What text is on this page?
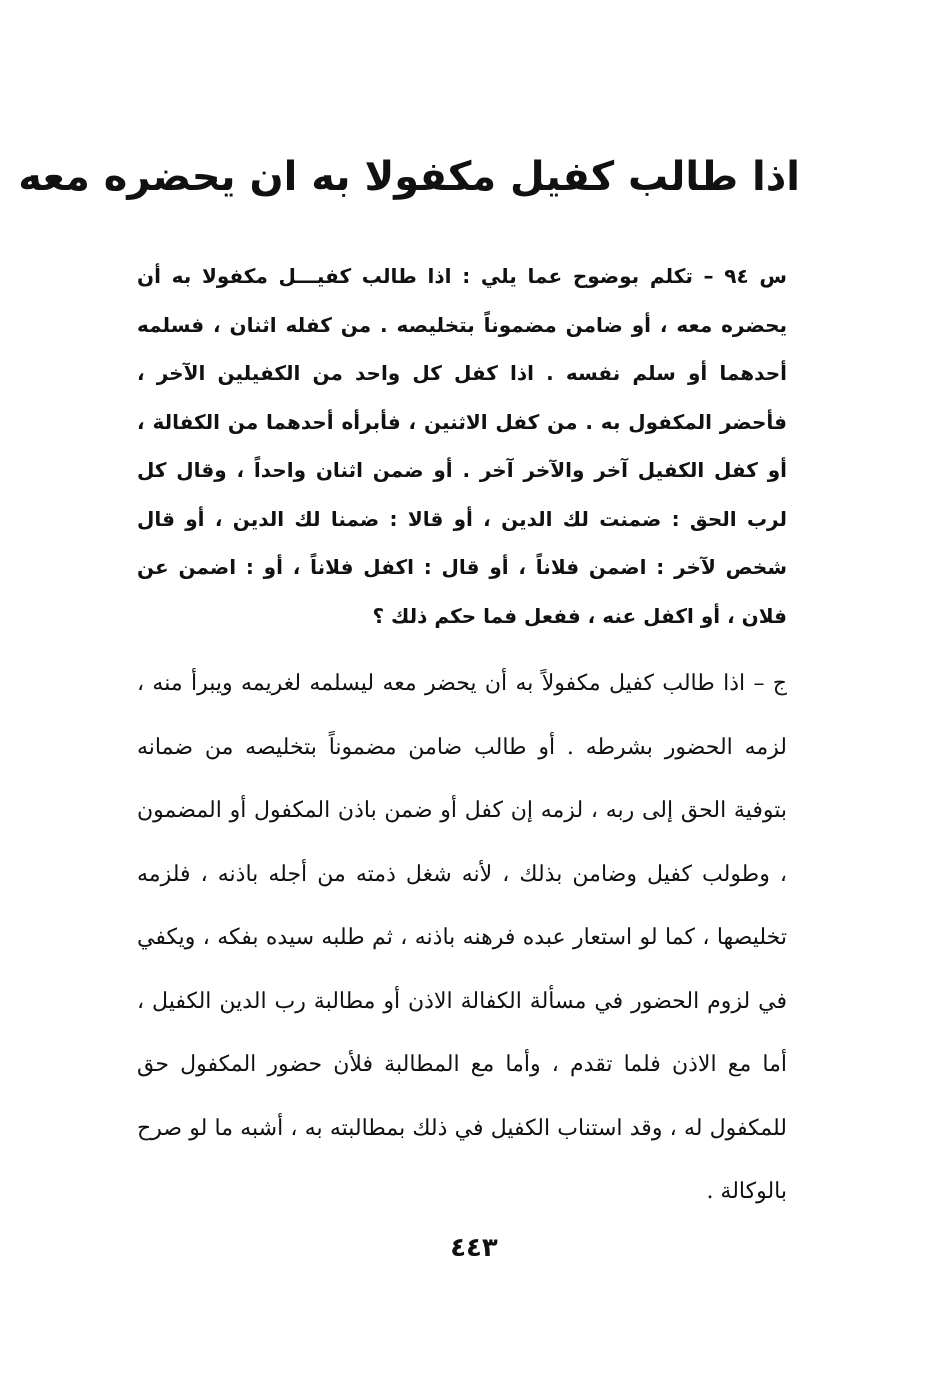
اذا طالب كفيل مكفولا به ان يحضره معه
س ٩٤ – تكلم بوضوح عما يلي : اذا طالب كفيـــل مكفولا به أن يحضره معه ، أو ضامن مضموناً بتخليصه . من كفله اثنان ، فسلمه أحدهما أو سلم نفسه . اذا كفل كل واحد من الكفيلين الآخر ، فأحضر المكفول به . من كفل الاثنين ، فأبرأه أحدهما من الكفالة ، أو كفل الكفيل آخر والآخر آخر . أو ضمن اثنان واحداً ، وقال كل لرب الحق : ضمنت لك الدين ، أو قالا : ضمنا لك الدين ، أو قال شخص لآخر : اضمن فلاناً ، أو قال : اكفل فلاناً ، أو : اضمن عن فلان ، أو اكفل عنه ، ففعل فما حكم ذلك ؟
ج – اذا طالب كفيل مكفولاً به أن يحضر معه ليسلمه لغريمه ويبرأ منه ، لزمه الحضور بشرطه . أو طالب ضامن مضموناً بتخليصه من ضمانه بتوفية الحق إلى ربه ، لزمه إن كفل أو ضمن باذن المكفول أو المضمون ، وطولب كفيل وضامن بذلك ، لأنه شغل ذمته من أجله باذنه ، فلزمه تخليصها ، كما لو استعار عبده فرهنه باذنه ، ثم طلبه سيده بفكه ، ويكفي في لزوم الحضور في مسألة الكفالة الاذن أو مطالبة رب الدين الكفيل ، أما مع الاذن فلما تقدم ، وأما مع المطالبة فلأن حضور المكفول حق للمكفول له ، وقد استناب الكفيل في ذلك بمطالبته به ، أشبه ما لو صرح بالوكالة .
٤٤٣
